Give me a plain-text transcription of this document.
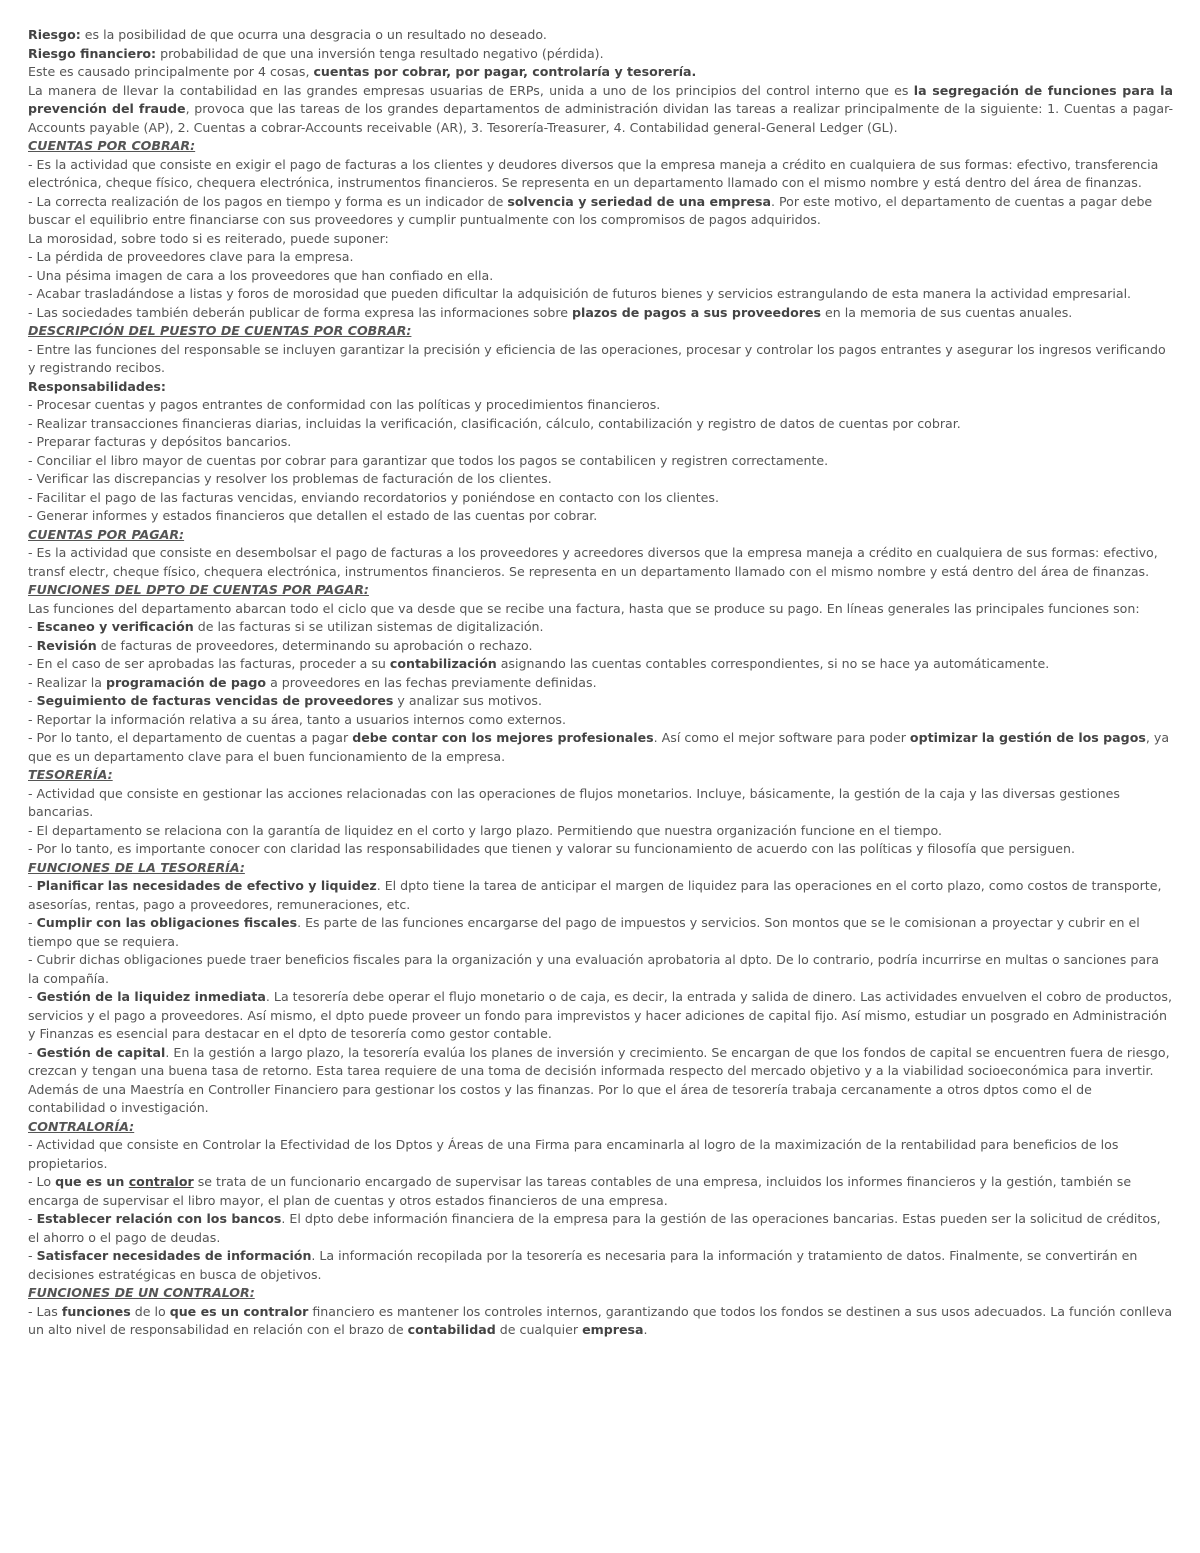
Riesgo: es la posibilidad de que ocurra una desgracia o un resultado no deseado.
Riesgo financiero: probabilidad de que una inversión tenga resultado negativo (pérdida).
Este es causado principalmente por 4 cosas, cuentas por cobrar, por pagar, controlaría y tesorería.
La manera de llevar la contabilidad en las grandes empresas usuarias de ERPs, unida a uno de los principios del control interno que es la segregación de funciones para la prevención del fraude, provoca que las tareas de los grandes departamentos de administración dividan las tareas a realizar principalmente de la siguiente: 1. Cuentas a pagar-Accounts payable (AP), 2. Cuentas a cobrar-Accounts receivable (AR), 3. Tesorería-Treasurer, 4. Contabilidad general-General Ledger (GL).
CUENTAS POR COBRAR:
- Es la actividad que consiste en exigir el pago de facturas a los clientes y deudores diversos que la empresa maneja a crédito en cualquiera de sus formas: efectivo, transferencia electrónica, cheque físico, chequera electrónica, instrumentos financieros. Se representa en un departamento llamado con el mismo nombre y está dentro del área de finanzas.
- La correcta realización de los pagos en tiempo y forma es un indicador de solvencia y seriedad de una empresa. Por este motivo, el departamento de cuentas a pagar debe buscar el equilibrio entre financiarse con sus proveedores y cumplir puntualmente con los compromisos de pagos adquiridos.
La morosidad, sobre todo si es reiterado, puede suponer:
- La pérdida de proveedores clave para la empresa.
- Una pésima imagen de cara a los proveedores que han confiado en ella.
- Acabar trasladándose a listas y foros de morosidad que pueden dificultar la adquisición de futuros bienes y servicios estrangulando de esta manera la actividad empresarial.
- Las sociedades también deberán publicar de forma expresa las informaciones sobre plazos de pagos a sus proveedores en la memoria de sus cuentas anuales.
DESCRIPCIÓN DEL PUESTO DE CUENTAS POR COBRAR:
- Entre las funciones del responsable se incluyen garantizar la precisión y eficiencia de las operaciones, procesar y controlar los pagos entrantes y asegurar los ingresos verificando y registrando recibos.
Responsabilidades:
- Procesar cuentas y pagos entrantes de conformidad con las políticas y procedimientos financieros.
- Realizar transacciones financieras diarias, incluidas la verificación, clasificación, cálculo, contabilización y registro de datos de cuentas por cobrar.
- Preparar facturas y depósitos bancarios.
- Conciliar el libro mayor de cuentas por cobrar para garantizar que todos los pagos se contabilicen y registren correctamente.
- Verificar las discrepancias y resolver los problemas de facturación de los clientes.
- Facilitar el pago de las facturas vencidas, enviando recordatorios y poniéndose en contacto con los clientes.
- Generar informes y estados financieros que detallen el estado de las cuentas por cobrar.
CUENTAS POR PAGAR:
- Es la actividad que consiste en desembolsar el pago de facturas a los proveedores y acreedores diversos que la empresa maneja a crédito en cualquiera de sus formas: efectivo, transf electr, cheque físico, chequera electrónica, instrumentos financieros. Se representa en un departamento llamado con el mismo nombre y está dentro del área de finanzas.
FUNCIONES DEL DPTO DE CUENTAS POR PAGAR:
Las funciones del departamento abarcan todo el ciclo que va desde que se recibe una factura, hasta que se produce su pago. En líneas generales las principales funciones son:
- Escaneo y verificación de las facturas si se utilizan sistemas de digitalización.
- Revisión de facturas de proveedores, determinando su aprobación o rechazo.
- En el caso de ser aprobadas las facturas, proceder a su contabilización asignando las cuentas contables correspondientes, si no se hace ya automáticamente.
- Realizar la programación de pago a proveedores en las fechas previamente definidas.
- Seguimiento de facturas vencidas de proveedores y analizar sus motivos.
- Reportar la información relativa a su área, tanto a usuarios internos como externos.
- Por lo tanto, el departamento de cuentas a pagar debe contar con los mejores profesionales. Así como el mejor software para poder optimizar la gestión de los pagos, ya que es un departamento clave para el buen funcionamiento de la empresa.
TESORERÍA:
- Actividad que consiste en gestionar las acciones relacionadas con las operaciones de flujos monetarios. Incluye, básicamente, la gestión de la caja y las diversas gestiones bancarias.
- El departamento se relaciona con la garantía de liquidez en el corto y largo plazo. Permitiendo que nuestra organización funcione en el tiempo.
- Por lo tanto, es importante conocer con claridad las responsabilidades que tienen y valorar su funcionamiento de acuerdo con las políticas y filosofía que persiguen.
FUNCIONES DE LA TESORERÍA:
- Planificar las necesidades de efectivo y liquidez. El dpto tiene la tarea de anticipar el margen de liquidez para las operaciones en el corto plazo, como costos de transporte, asesorías, rentas, pago a proveedores, remuneraciones, etc.
- Cumplir con las obligaciones fiscales. Es parte de las funciones encargarse del pago de impuestos y servicios. Son montos que se le comisionan a proyectar y cubrir en el tiempo que se requiera.
- Cubrir dichas obligaciones puede traer beneficios fiscales para la organización y una evaluación aprobatoria al dpto. De lo contrario, podría incurrirse en multas o sanciones para la compañía.
- Gestión de la liquidez inmediata. La tesorería debe operar el flujo monetario o de caja, es decir, la entrada y salida de dinero. Las actividades envuelven el cobro de productos, servicios y el pago a proveedores. Así mismo, el dpto puede proveer un fondo para imprevistos y hacer adiciones de capital fijo. Así mismo, estudiar un posgrado en Administración y Finanzas es esencial para destacar en el dpto de tesorería como gestor contable.
- Gestión de capital. En la gestión a largo plazo, la tesorería evalúa los planes de inversión y crecimiento. Se encargan de que los fondos de capital se encuentren fuera de riesgo, crezcan y tengan una buena tasa de retorno. Esta tarea requiere de una toma de decisión informada respecto del mercado objetivo y a la viabilidad socioeconómica para invertir. Además de una Maestría en Controller Financiero para gestionar los costos y las finanzas. Por lo que el área de tesorería trabaja cercanamente a otros dptos como el de contabilidad o investigación.
CONTRALORÍA:
- Actividad que consiste en Controlar la Efectividad de los Dptos y Áreas de una Firma para encaminarla al logro de la maximización de la rentabilidad para beneficios de los propietarios.
- Lo que es un contralor se trata de un funcionario encargado de supervisar las tareas contables de una empresa, incluidos los informes financieros y la gestión, también se encarga de supervisar el libro mayor, el plan de cuentas y otros estados financieros de una empresa.
- Establecer relación con los bancos. El dpto debe información financiera de la empresa para la gestión de las operaciones bancarias. Estas pueden ser la solicitud de créditos, el ahorro o el pago de deudas.
- Satisfacer necesidades de información. La información recopilada por la tesorería es necesaria para la información y tratamiento de datos. Finalmente, se convertirán en decisiones estratégicas en busca de objetivos.
FUNCIONES DE UN CONTRALOR:
- Las funciones de lo que es un contralor financiero es mantener los controles internos, garantizando que todos los fondos se destinen a sus usos adecuados. La función conlleva un alto nivel de responsabilidad en relación con el brazo de contabilidad de cualquier empresa.
